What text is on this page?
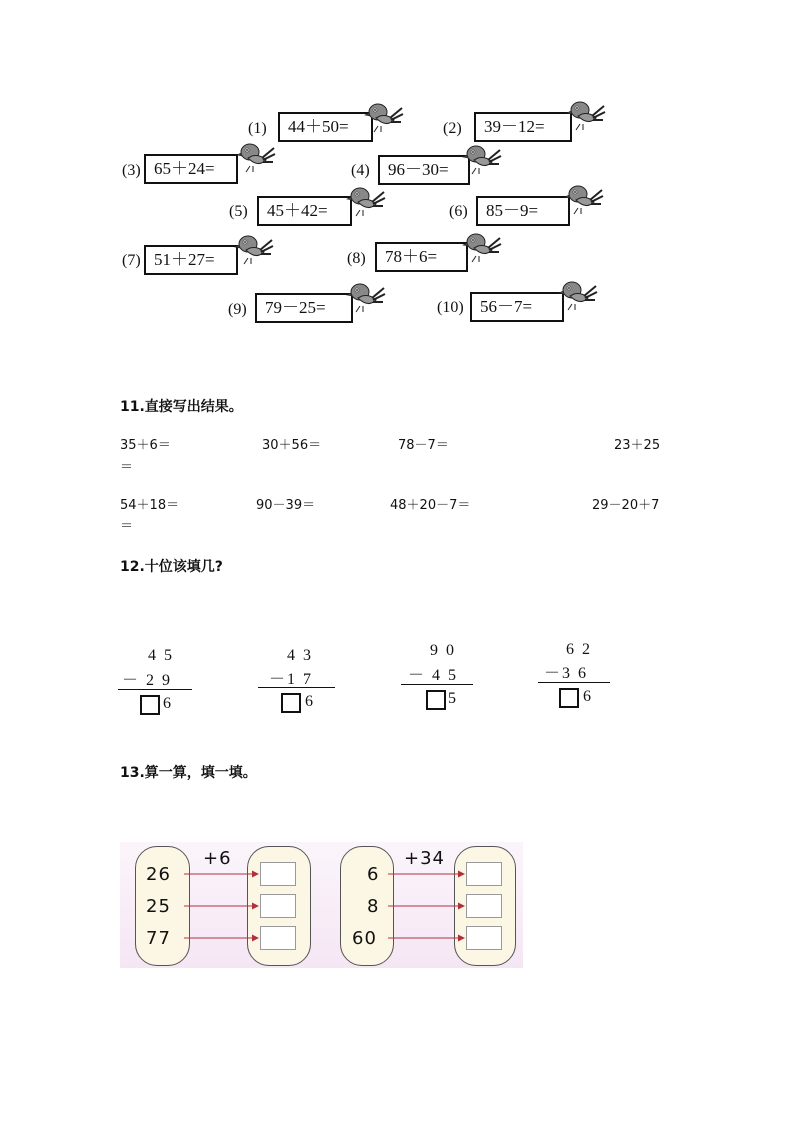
(1)	44＋50=	(2)	39－12=
(3) 65＋24=	(4)	96－30=
(5)	45＋42=	(6)	85－9=
(7) 51＋27=	(8)	78＋6=
(9)	79－25=	(10) 56－7=
11.直接写出结果。
35＋6＝	30＋56＝	78－7＝	23＋25
＝
54＋18＝	90－39＝	48＋20－7＝	29－20＋7
＝
12.十位该填几?
4 5
－ 2 9
6
4 3
－1 7
6
9 0
－ 4 5
5
6 2
－3 6
6
13.算一算，填一填。
+6
26
25
77
+34
6
8
60
